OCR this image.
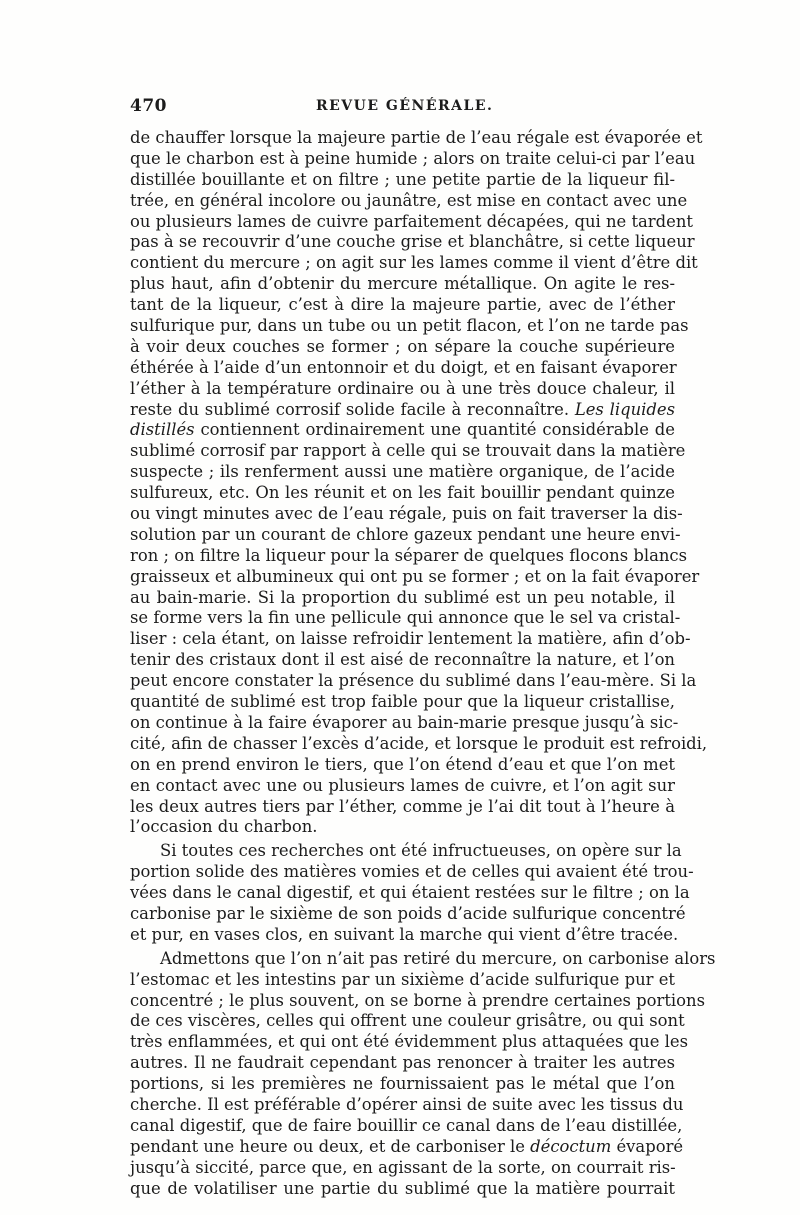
470	REVUE GÉNÉRALE.
de chauffer lorsque la majeure partie de l’eau régale est évaporée et
que le charbon est à peine humide ; alors on traite celui-ci par l’eau
distillée bouillante et on filtre ; une petite partie de la liqueur fil-
trée, en général incolore ou jaunâtre, est mise en contact avec une
ou plusieurs lames de cuivre parfaitement décapées, qui ne tardent
pas à se recouvrir d’une couche grise et blanchâtre, si cette liqueur
contient du mercure ; on agit sur les lames comme il vient d’être dit
plus haut, afin d’obtenir du mercure métallique. On agite le res-
tant de la liqueur, c’est à dire la majeure partie, avec de l’éther
sulfurique pur, dans un tube ou un petit flacon, et l’on ne tarde pas
à voir deux couches se former ; on sépare la couche supérieure
éthérée à l’aide d’un entonnoir et du doigt, et en faisant évaporer
l’éther à la température ordinaire ou à une très douce chaleur, il
reste du sublimé corrosif solide facile à reconnaître. Les liquides
distillés contiennent ordinairement une quantité considérable de
sublimé corrosif par rapport à celle qui se trouvait dans la matière
suspecte ; ils renferment aussi une matière organique, de l’acide
sulfureux, etc. On les réunit et on les fait bouillir pendant quinze
ou vingt minutes avec de l’eau régale, puis on fait traverser la dis-
solution par un courant de chlore gazeux pendant une heure envi-
ron ; on filtre la liqueur pour la séparer de quelques flocons blancs
graisseux et albumineux qui ont pu se former ; et on la fait évaporer
au bain-marie. Si la proportion du sublimé est un peu notable, il
se forme vers la fin une pellicule qui annonce que le sel va cristal-
liser : cela étant, on laisse refroidir lentement la matière, afin d’ob-
tenir des cristaux dont il est aisé de reconnaître la nature, et l’on
peut encore constater la présence du sublimé dans l’eau-mère. Si la
quantité de sublimé est trop faible pour que la liqueur cristallise,
on continue à la faire évaporer au bain-marie presque jusqu’à sic-
cité, afin de chasser l’excès d’acide, et lorsque le produit est refroidi,
on en prend environ le tiers, que l’on étend d’eau et que l’on met
en contact avec une ou plusieurs lames de cuivre, et l’on agit sur
les deux autres tiers par l’éther, comme je l’ai dit tout à l’heure à
l’occasion du charbon.
Si toutes ces recherches ont été infructueuses, on opère sur la
portion solide des matières vomies et de celles qui avaient été trou-
vées dans le canal digestif, et qui étaient restées sur le filtre ; on la
carbonise par le sixième de son poids d’acide sulfurique concentré
et pur, en vases clos, en suivant la marche qui vient d’être tracée.
Admettons que l’on n’ait pas retiré du mercure, on carbonise alors
l’estomac et les intestins par un sixième d’acide sulfurique pur et
concentré ; le plus souvent, on se borne à prendre certaines portions
de ces viscères, celles qui offrent une couleur grisâtre, ou qui sont
très enflammées, et qui ont été évidemment plus attaquées que les
autres. Il ne faudrait cependant pas renoncer à traiter les autres
portions, si les premières ne fournissaient pas le métal que l’on
cherche. Il est préférable d’opérer ainsi de suite avec les tissus du
canal digestif, que de faire bouillir ce canal dans de l’eau distillée,
pendant une heure ou deux, et de carboniser le décoctum évaporé
jusqu’à siccité, parce que, en agissant de la sorte, on courrait ris-
que de volatiliser une partie du sublimé que la matière pourrait
